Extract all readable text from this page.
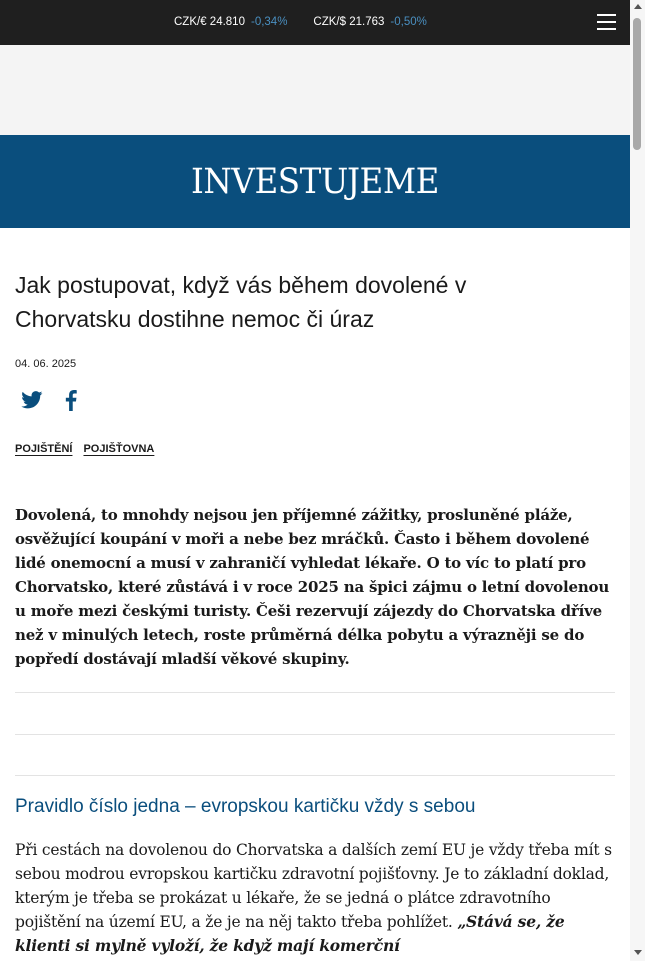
CZK/€ 24.810 -0,34% CZK/$ 21.763 -0,50%
INVESTUJEME
Jak postupovat, když vás během dovolené v Chorvatsku dostihne nemoc či úraz
04. 06. 2025
POJIŠTĚNÍ POJIŠŤOVNA

Dovolená, to mnohdy nejsou jen příjemné zážitky, prosluněné pláže, osvěžující koupání v moři a nebe bez mráčků. Často i během dovolené lidé onemocní a musí v zahraničí vyhledat lékaře. O to víc to platí pro Chorvatsko, které zůstává i v roce 2025 na špici zájmu o letní dovolenou u moře mezi českými turisty. Češi rezervují zájezdy do Chorvatska dříve než v minulých letech, roste průměrná délka pobytu a výrazněji se do popředí dostávají mladší věkové skupiny.

Pravidlo číslo jedna – evropskou kartičku vždy s sebou

Při cestách na dovolenou do Chorvatska a dalších zemí EU je vždy třeba mít s sebou modrou evropskou kartičku zdravotní pojišťovny. Je to základní doklad, kterým je třeba se prokázat u lékaře, že se jedná o plátce zdravotního pojištění na území EU, a že je na něj takto třeba pohlížet. „Stává se, že klienti si mylně vyloží, že když mají komerční
